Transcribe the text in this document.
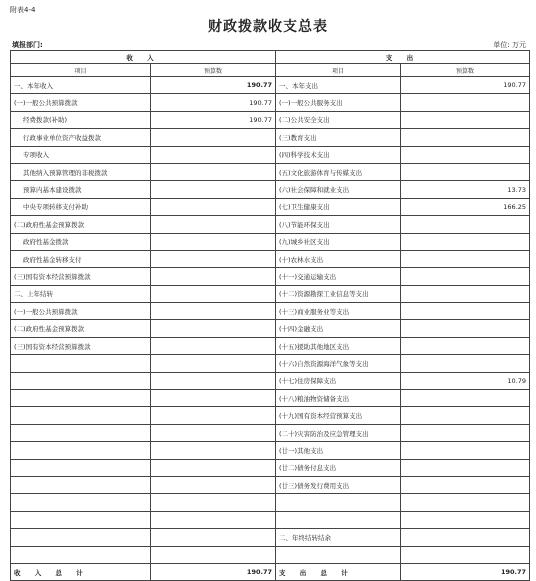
附表4-4
财政拨款收支总表
填报部门:	单位: 万元
收 入		支 出	
项目	预算数	项目	预算数
一、本年收入	190.77	一、本年支出	190.77
(一)一般公共预算拨款	190.77	(一)一般公共服务支出	
经费拨款(补助)	190.77	(二)公共安全支出	
行政事业单位资产收益拨款		(三)教育支出	
专项收入		(四)科学技术支出	
其他纳入预算管理的非税拨款		(五)文化旅游体育与传媒支出	
预算内基本建设拨款		(六)社会保障和就业支出	13.73
中央专项转移支付补助		(七)卫生健康支出	166.25
(二)政府性基金预算拨款		(八)节能环保支出	
政府性基金拨款		(九)城乡社区支出	
政府性基金转移支付		(十)农林水支出	
(三)国有资本经营预算拨款		(十一)交通运输支出	
二、上年结转		(十二)资源勘探工业信息等支出	
(一)一般公共预算拨款		(十三)商业服务业等支出	
(二)政府性基金预算拨款		(十四)金融支出	
(三)国有资本经营预算拨款		(十五)援助其他地区支出	
		(十六)自然资源海洋气象等支出	
		(十七)住房保障支出	10.79
		(十八)粮油物资储备支出	
		(十九)国有资本经营预算支出	
		(二十)灾害防治及应急管理支出	
		(廿一)其他支出	
		(廿二)债务付息支出	
		(廿三)债务发行费用支出	

		二、年终结转结余	

收 入 总 计	190.77	支 出 总 计	190.77
